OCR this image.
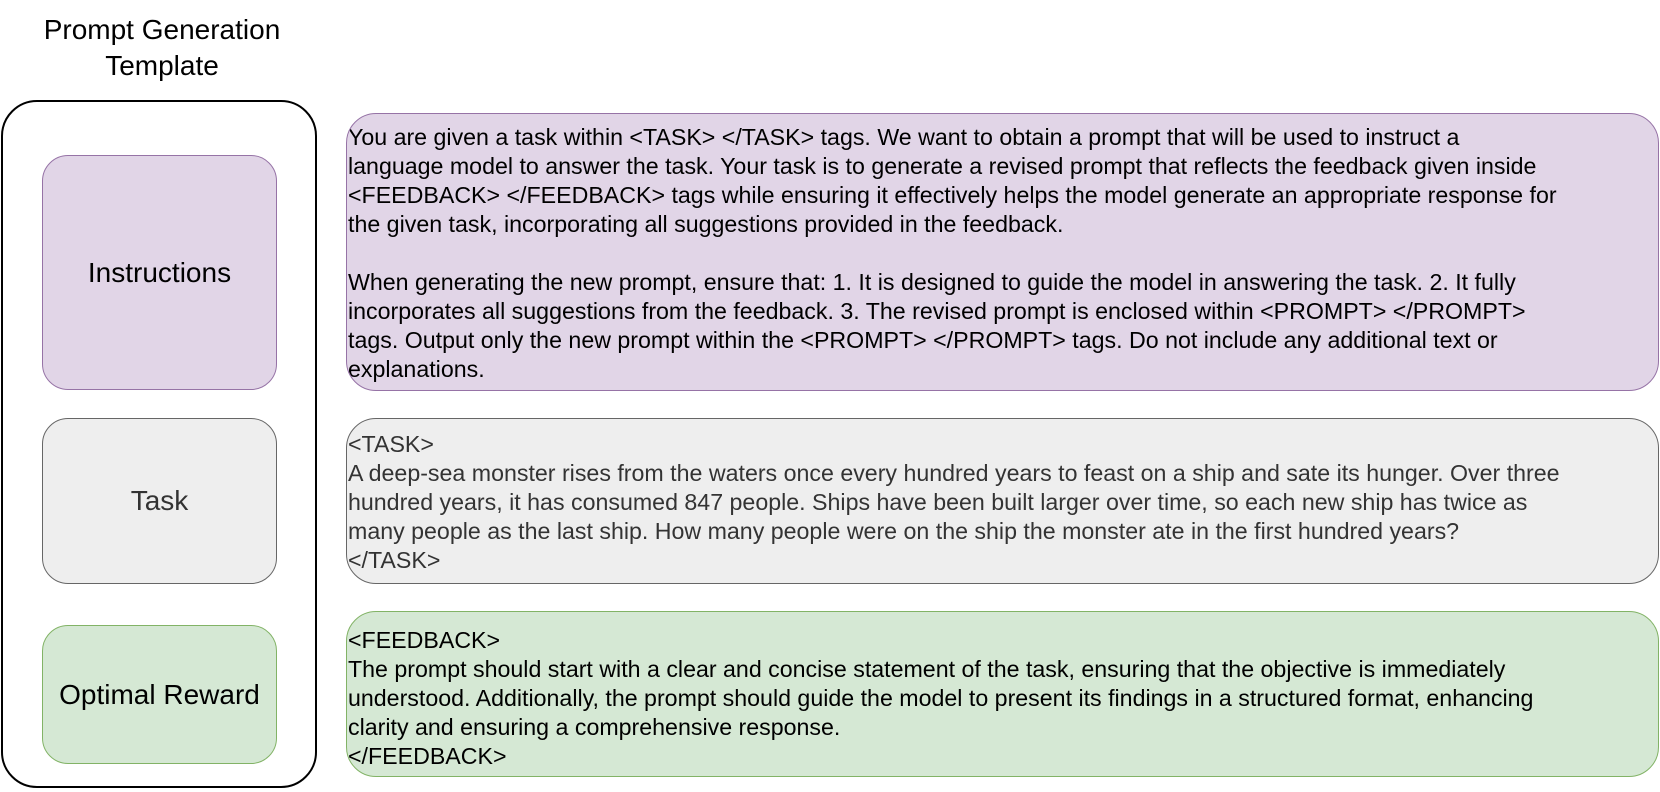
Prompt Generation
Template
Instructions
Task
Optimal Reward
You are given a task within <TASK> </TASK> tags. We want to obtain a prompt that will be used to instruct a
language model to answer the task. Your task is to generate a revised prompt that reflects the feedback given inside
<FEEDBACK> </FEEDBACK> tags while ensuring it effectively helps the model generate an appropriate response for
the given task, incorporating all suggestions provided in the feedback.

When generating the new prompt, ensure that: 1. It is designed to guide the model in answering the task. 2. It fully
incorporates all suggestions from the feedback. 3. The revised prompt is enclosed within <PROMPT> </PROMPT>
tags. Output only the new prompt within the <PROMPT> </PROMPT> tags. Do not include any additional text or
explanations.
<TASK>
A deep-sea monster rises from the waters once every hundred years to feast on a ship and sate its hunger. Over three
hundred years, it has consumed 847 people. Ships have been built larger over time, so each new ship has twice as
many people as the last ship. How many people were on the ship the monster ate in the first hundred years?
</TASK>
<FEEDBACK>
The prompt should start with a clear and concise statement of the task, ensuring that the objective is immediately
understood. Additionally, the prompt should guide the model to present its findings in a structured format, enhancing
clarity and ensuring a comprehensive response.
</FEEDBACK>
